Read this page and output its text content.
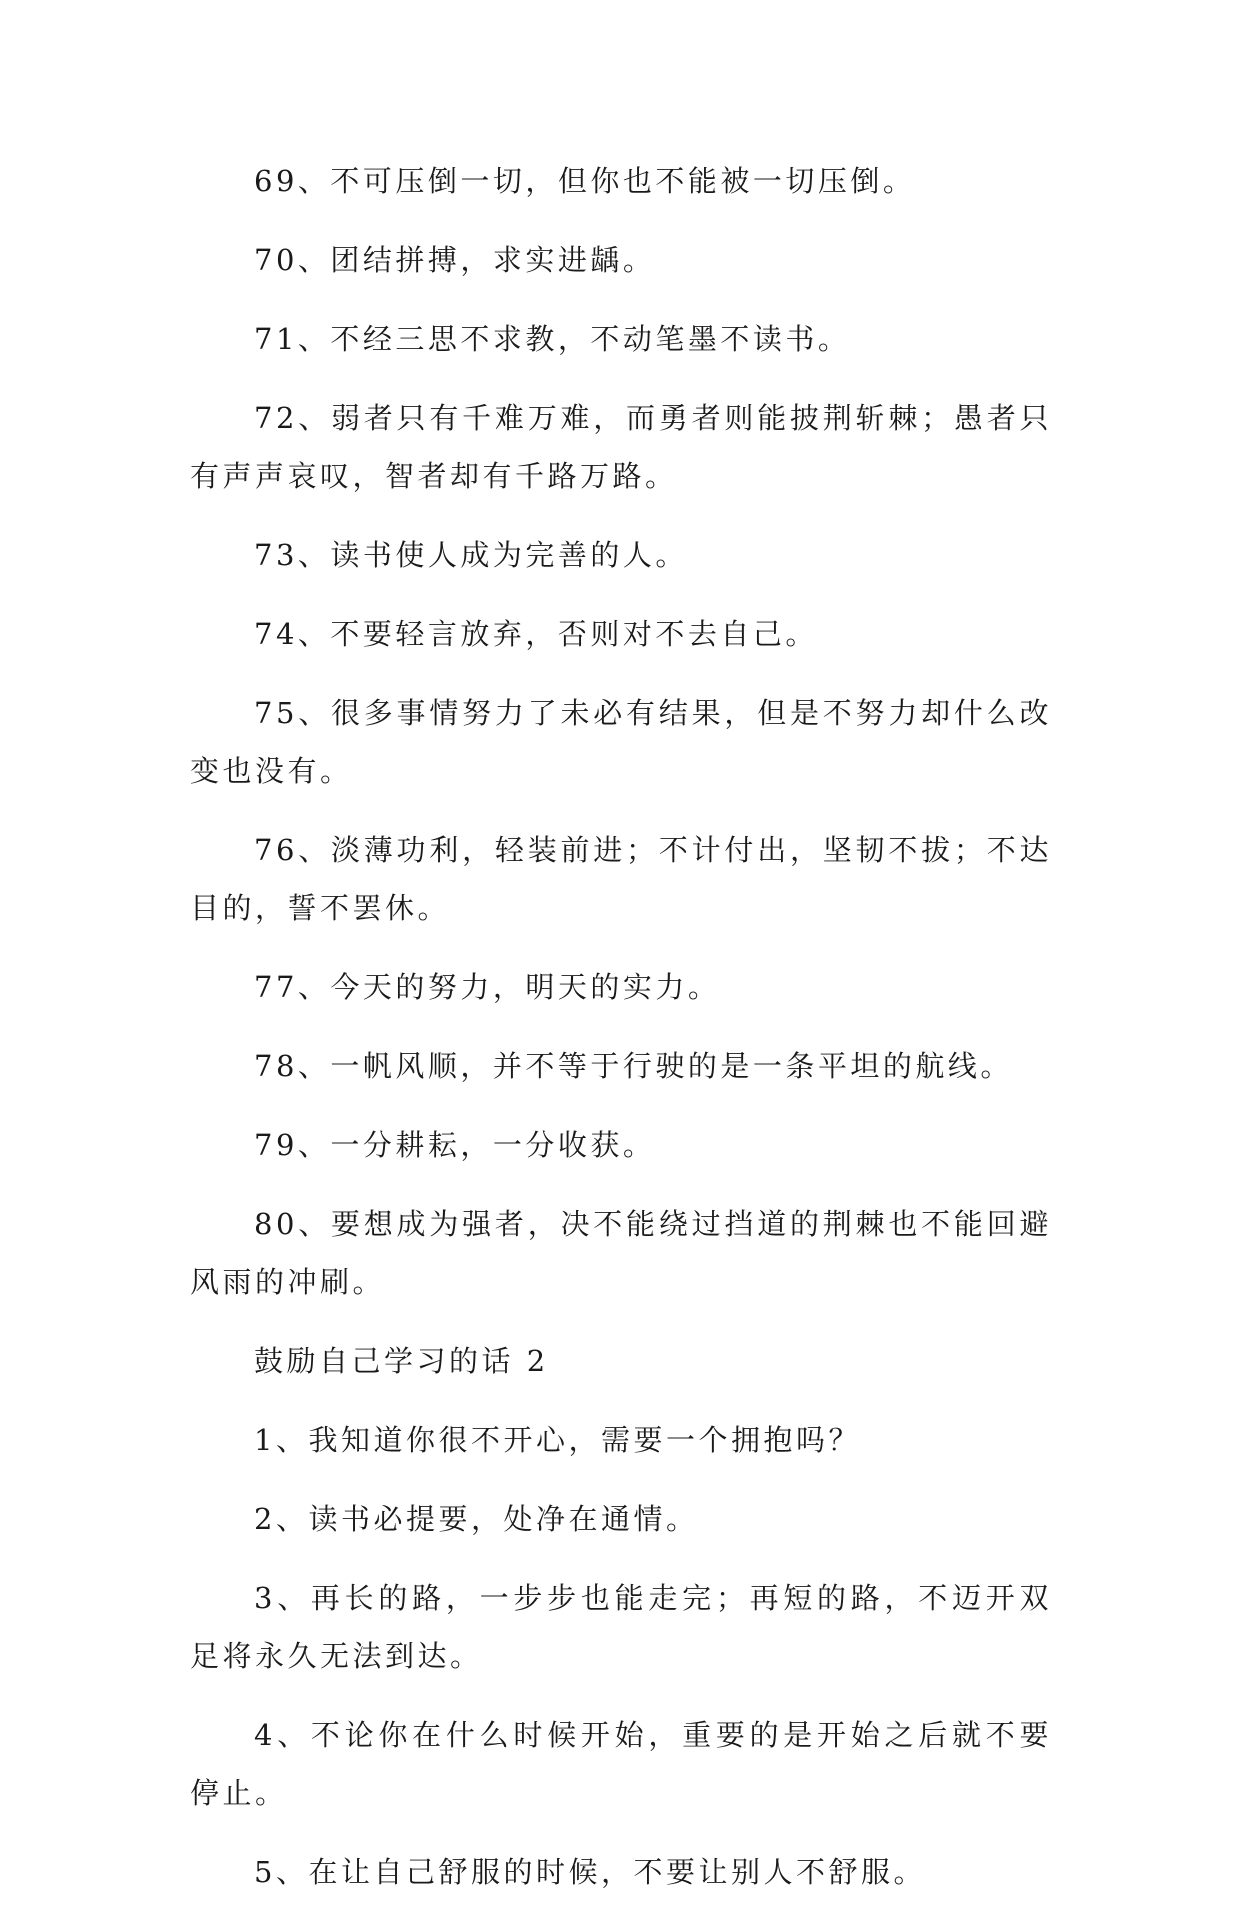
69、不可压倒一切，但你也不能被一切压倒。

70、团结拼搏，求实进龋。

71、不经三思不求教，不动笔墨不读书。

72、弱者只有千难万难，而勇者则能披荆斩棘；愚者只有声声哀叹，智者却有千路万路。

73、读书使人成为完善的人。

74、不要轻言放弃，否则对不去自己。

75、很多事情努力了未必有结果，但是不努力却什么改变也没有。

76、淡薄功利，轻装前进；不计付出，坚韧不拔；不达目的，誓不罢休。

77、今天的努力，明天的实力。

78、一帆风顺，并不等于行驶的是一条平坦的航线。

79、一分耕耘，一分收获。

80、要想成为强者，决不能绕过挡道的荆棘也不能回避风雨的冲刷。

鼓励自己学习的话 2

1、我知道你很不开心，需要一个拥抱吗？

2、读书必提要，处净在通情。

3、再长的路，一步步也能走完；再短的路，不迈开双足将永久无法到达。

4、不论你在什么时候开始，重要的是开始之后就不要停止。

5、在让自己舒服的时候，不要让别人不舒服。
